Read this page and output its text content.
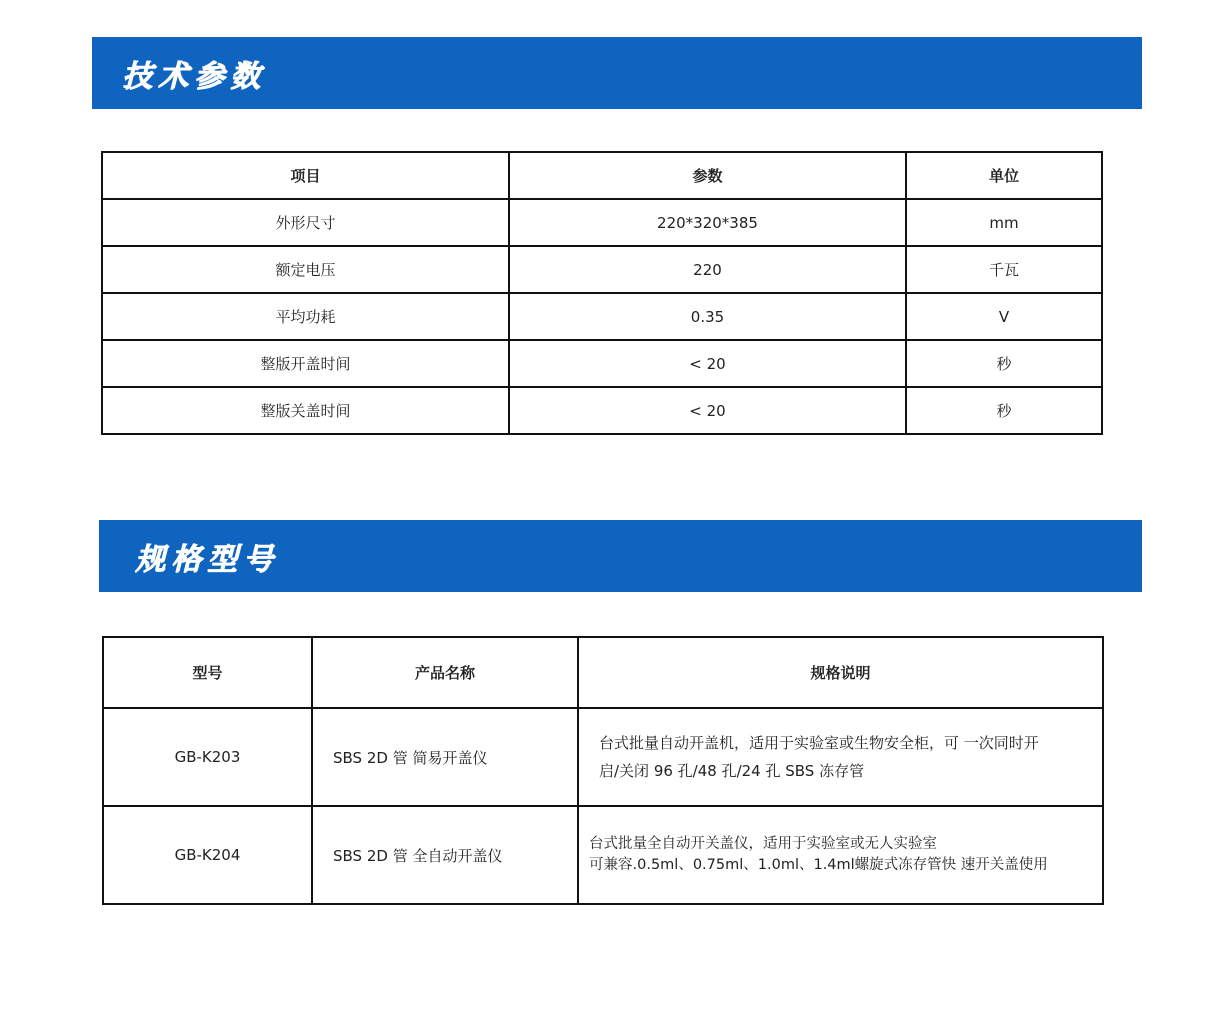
技术参数
项目	参数	单位
外形尺寸	220*320*385	mm
额定电压	220	千瓦
平均功耗	0.35	V
整版开盖时间	< 20	秒
整版关盖时间	< 20	秒
规格型号
型号	产品名称	规格说明
GB-K203	SBS 2D 管 简易开盖仪	台式批量自动开盖机，适用于实验室或生物安全柜，可 一次同时开
启/关闭 96 孔/48 孔/24 孔 SBS 冻存管

GB-K204	SBS 2D 管 全自动开盖仪	台式批量全自动开关盖仪，适用于实验室或无人实验室
可兼容.0.5ml、0.75ml、1.0ml、1.4ml螺旋式冻存管快 速开关盖使用
